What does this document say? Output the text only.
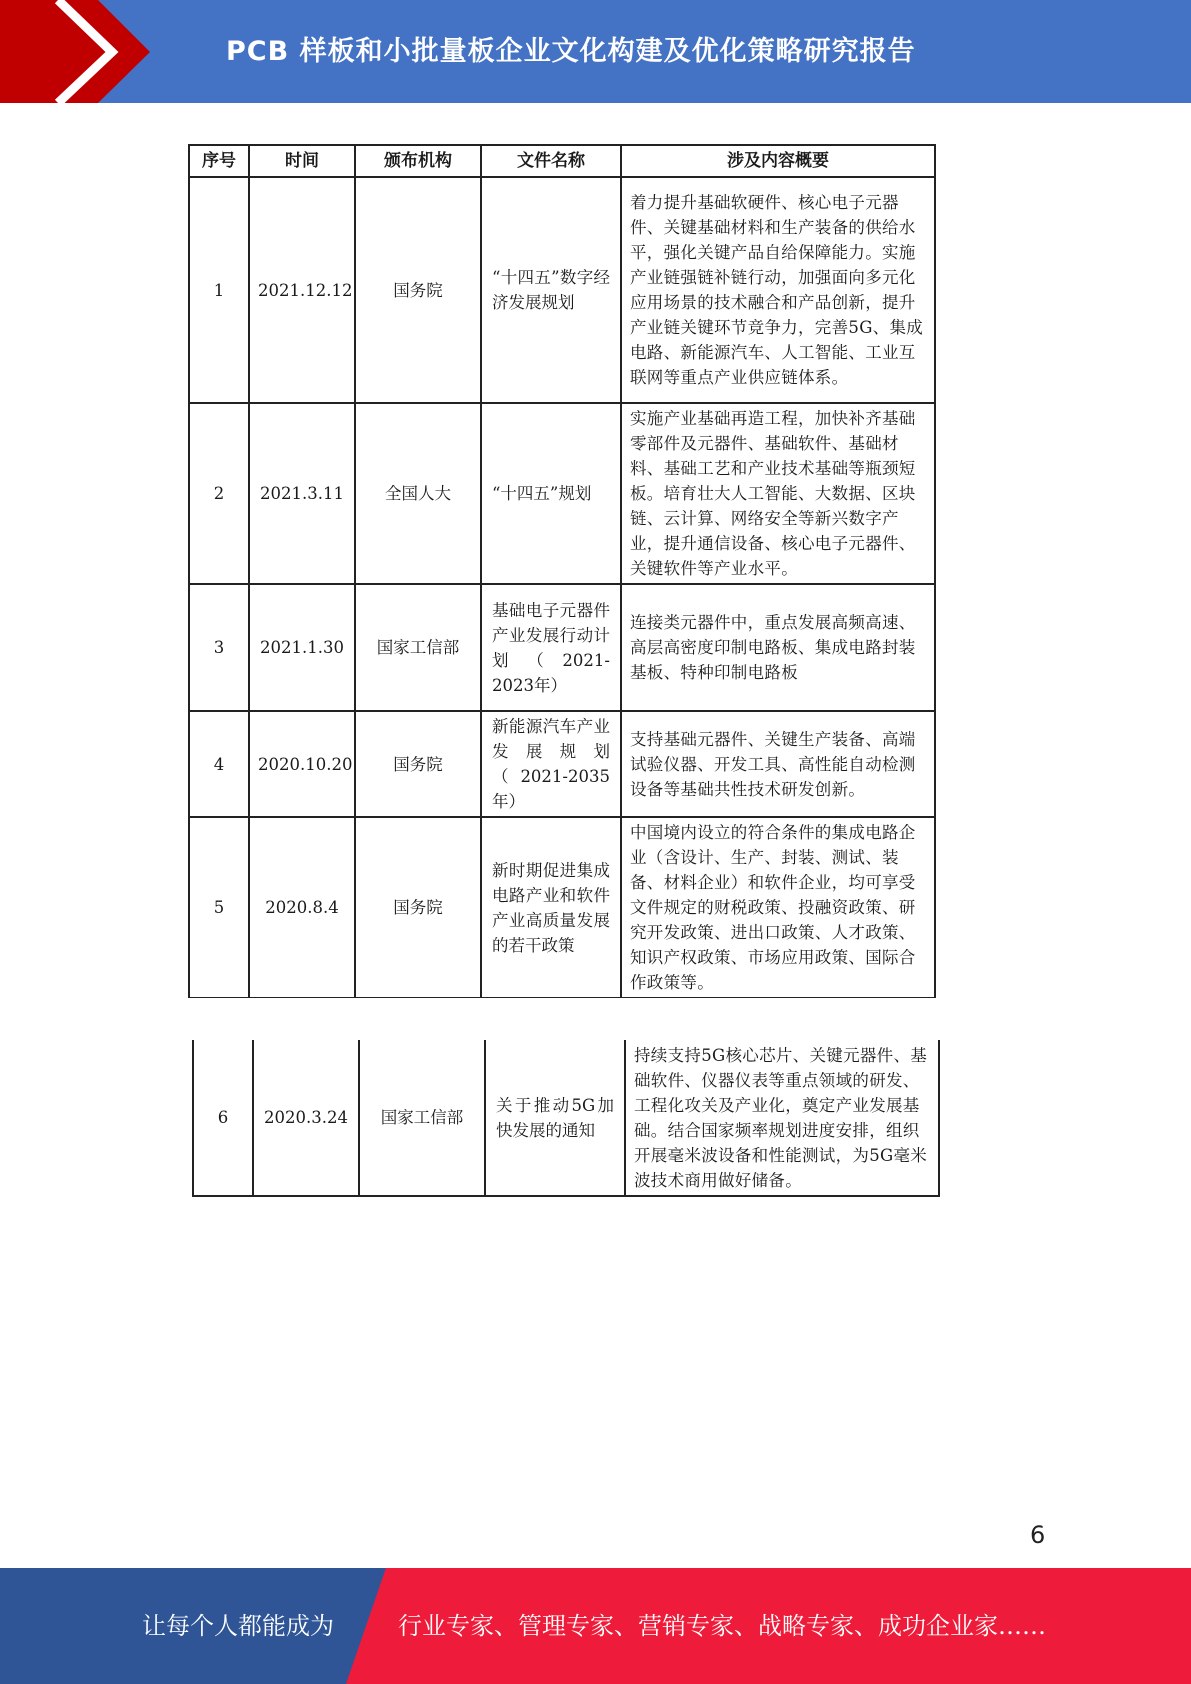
PCB 样板和小批量板企业文化构建及优化策略研究报告
序号	时间	颁布机构	文件名称	涉及内容概要
1	2021.12.12	国务院	“十四五”数字经济发展规划	着力提升基础软硬件、核心电子元器件、关键基础材料和生产装备的供给水平，强化关键产品自给保障能力。实施产业链强链补链行动，加强面向多元化应用场景的技术融合和产品创新，提升产业链关键环节竞争力，完善5G、集成电路、新能源汽车、人工智能、工业互联网等重点产业供应链体系。
2	2021.3.11	全国人大	“十四五”规划	实施产业基础再造工程，加快补齐基础零部件及元器件、基础软件、基础材料、基础工艺和产业技术基础等瓶颈短板。培育壮大人工智能、大数据、区块链、云计算、网络安全等新兴数字产业，提升通信设备、核心电子元器件、关键软件等产业水平。
3	2021.1.30	国家工信部	基础电子元器件产业发展行动计划（2021-2023年）	连接类元器件中，重点发展高频高速、高层高密度印制电路板、集成电路封装基板、特种印制电路板
4	2020.10.20	国务院	新能源汽车产业发展规划（2021-2035年）	支持基础元器件、关键生产装备、高端试验仪器、开发工具、高性能自动检测设备等基础共性技术研发创新。
5	2020.8.4	国务院	新时期促进集成电路产业和软件产业高质量发展的若干政策	中国境内设立的符合条件的集成电路企业（含设计、生产、封装、测试、装备、材料企业）和软件企业，均可享受文件规定的财税政策、投融资政策、研究开发政策、进出口政策、人才政策、知识产权政策、市场应用政策、国际合作政策等。
6	2020.3.24	国家工信部	关于推动5G加快发展的通知	持续支持5G核心芯片、关键元器件、基础软件、仪器仪表等重点领域的研发、工程化攻关及产业化，奠定产业发展基础。结合国家频率规划进度安排，组织开展毫米波设备和性能测试，为5G毫米波技术商用做好储备。
6
让每个人都能成为	行业专家、管理专家、营销专家、战略专家、成功企业家……
